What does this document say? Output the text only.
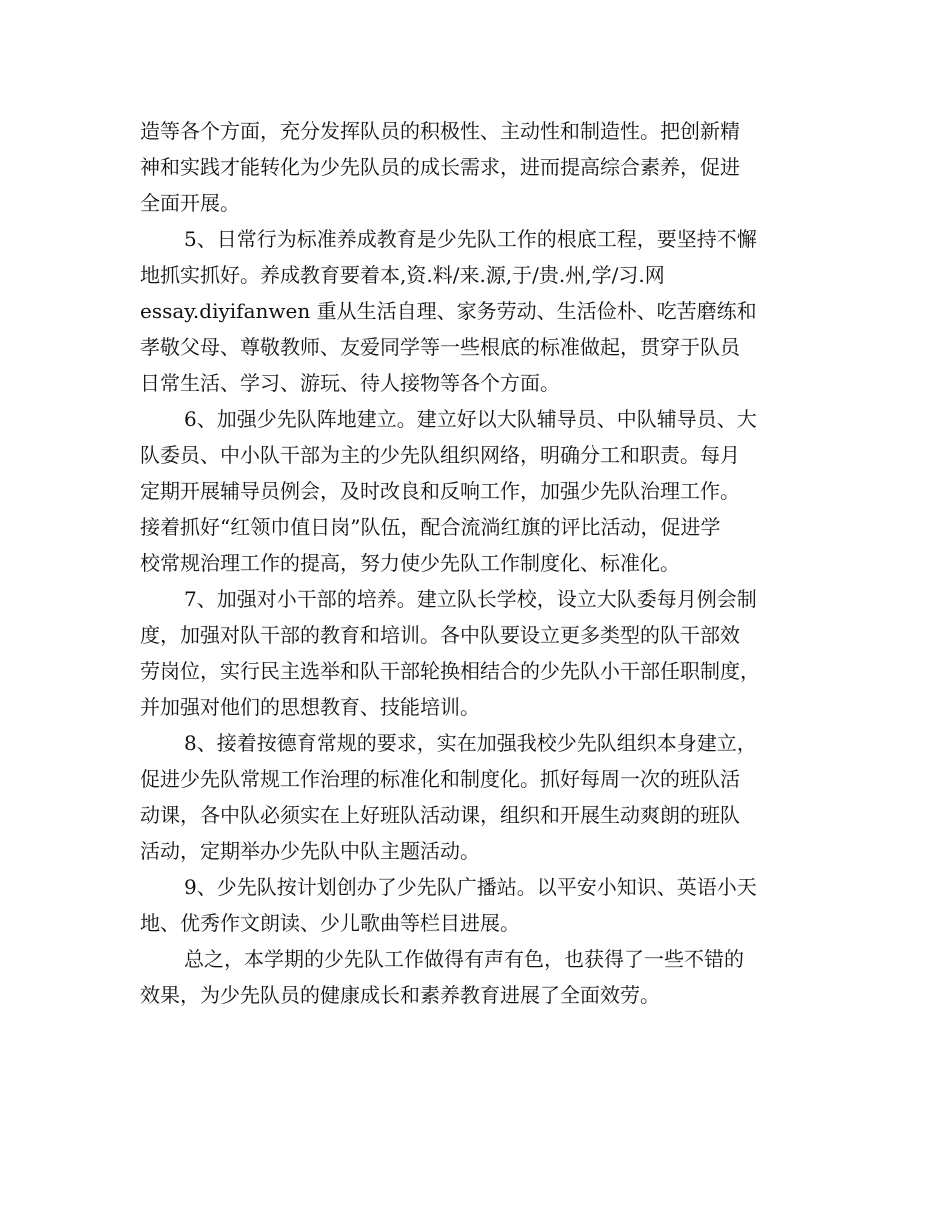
造等各个方面，充分发挥队员的积极性、主动性和制造性。把创新精

神和实践才能转化为少先队员的成长需求，进而提高综合素养，促进

全面开展。

5、日常行为标准养成教育是少先队工作的根底工程，要坚持不懈

地抓实抓好。养成教育要着本,资.料/来.源,于/贵.州,学/习.网

essay.diyifanwen 重从生活自理、家务劳动、生活俭朴、吃苦磨练和

孝敬父母、尊敬教师、友爱同学等一些根底的标准做起，贯穿于队员

日常生活、学习、游玩、待人接物等各个方面。

6、加强少先队阵地建立。建立好以大队辅导员、中队辅导员、大

队委员、中小队干部为主的少先队组织网络，明确分工和职责。每月

定期开展辅导员例会，及时改良和反响工作，加强少先队治理工作。

接着抓好“红领巾值日岗”队伍，配合流淌红旗的评比活动，促进学

校常规治理工作的提高，努力使少先队工作制度化、标准化。

7、加强对小干部的培养。建立队长学校，设立大队委每月例会制

度，加强对队干部的教育和培训。各中队要设立更多类型的队干部效

劳岗位，实行民主选举和队干部轮换相结合的少先队小干部任职制度，

并加强对他们的思想教育、技能培训。

8、接着按德育常规的要求，实在加强我校少先队组织本身建立，

促进少先队常规工作治理的标准化和制度化。抓好每周一次的班队活

动课，各中队必须实在上好班队活动课，组织和开展生动爽朗的班队

活动，定期举办少先队中队主题活动。

9、少先队按计划创办了少先队广播站。以平安小知识、英语小天

地、优秀作文朗读、少儿歌曲等栏目进展。

总之，本学期的少先队工作做得有声有色，也获得了一些不错的

效果，为少先队员的健康成长和素养教育进展了全面效劳。
